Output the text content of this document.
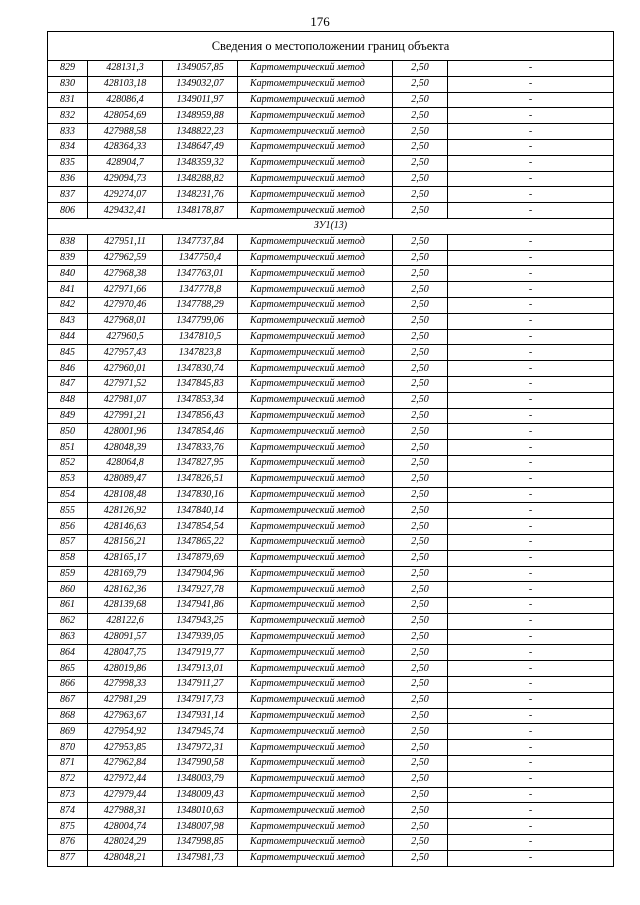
176
Сведения о местоположении границ объекта					
829	428131,3	1349057,85	Картометрический метод	2,50	-
830	428103,18	1349032,07	Картометрический метод	2,50	-
831	428086,4	1349011,97	Картометрический метод	2,50	-
832	428054,69	1348959,88	Картометрический метод	2,50	-
833	427988,58	1348822,23	Картометрический метод	2,50	-
834	428364,33	1348647,49	Картометрический метод	2,50	-
835	428904,7	1348359,32	Картометрический метод	2,50	-
836	429094,73	1348288,82	Картометрический метод	2,50	-
837	429274,07	1348231,76	Картометрический метод	2,50	-
806	429432,41	1348178,87	Картометрический метод	2,50	-
ЗУ1(13)					
838	427951,11	1347737,84	Картометрический метод	2,50	-
839	427962,59	1347750,4	Картометрический метод	2,50	-
840	427968,38	1347763,01	Картометрический метод	2,50	-
841	427971,66	1347778,8	Картометрический метод	2,50	-
842	427970,46	1347788,29	Картометрический метод	2,50	-
843	427968,01	1347799,06	Картометрический метод	2,50	-
844	427960,5	1347810,5	Картометрический метод	2,50	-
845	427957,43	1347823,8	Картометрический метод	2,50	-
846	427960,01	1347830,74	Картометрический метод	2,50	-
847	427971,52	1347845,83	Картометрический метод	2,50	-
848	427981,07	1347853,34	Картометрический метод	2,50	-
849	427991,21	1347856,43	Картометрический метод	2,50	-
850	428001,96	1347854,46	Картометрический метод	2,50	-
851	428048,39	1347833,76	Картометрический метод	2,50	-
852	428064,8	1347827,95	Картометрический метод	2,50	-
853	428089,47	1347826,51	Картометрический метод	2,50	-
854	428108,48	1347830,16	Картометрический метод	2,50	-
855	428126,92	1347840,14	Картометрический метод	2,50	-
856	428146,63	1347854,54	Картометрический метод	2,50	-
857	428156,21	1347865,22	Картометрический метод	2,50	-
858	428165,17	1347879,69	Картометрический метод	2,50	-
859	428169,79	1347904,96	Картометрический метод	2,50	-
860	428162,36	1347927,78	Картометрический метод	2,50	-
861	428139,68	1347941,86	Картометрический метод	2,50	-
862	428122,6	1347943,25	Картометрический метод	2,50	-
863	428091,57	1347939,05	Картометрический метод	2,50	-
864	428047,75	1347919,77	Картометрический метод	2,50	-
865	428019,86	1347913,01	Картометрический метод	2,50	-
866	427998,33	1347911,27	Картометрический метод	2,50	-
867	427981,29	1347917,73	Картометрический метод	2,50	-
868	427963,67	1347931,14	Картометрический метод	2,50	-
869	427954,92	1347945,74	Картометрический метод	2,50	-
870	427953,85	1347972,31	Картометрический метод	2,50	-
871	427962,84	1347990,58	Картометрический метод	2,50	-
872	427972,44	1348003,79	Картометрический метод	2,50	-
873	427979,44	1348009,43	Картометрический метод	2,50	-
874	427988,31	1348010,63	Картометрический метод	2,50	-
875	428004,74	1348007,98	Картометрический метод	2,50	-
876	428024,29	1347998,85	Картометрический метод	2,50	-
877	428048,21	1347981,73	Картометрический метод	2,50	-
